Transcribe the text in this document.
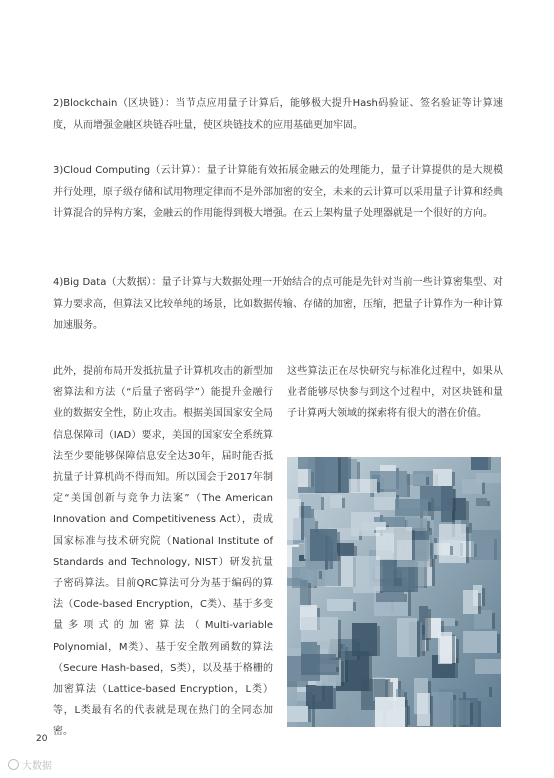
2)Blockchain（区块链）：当节点应用量子计算后，能够极大提升Hash码验证、签名验证等计算速度，从而增强金融区块链吞吐量，使区块链技术的应用基础更加牢固。

3)Cloud Computing（云计算）：量子计算能有效拓展金融云的处理能力，量子计算提供的是大规模并行处理，原子级存储和试用物理定律而不是外部加密的安全，未来的云计算可以采用量子计算和经典计算混合的异构方案，金融云的作用能得到极大增强。在云上架构量子处理器就是一个很好的方向。

4)Big Data（大数据）：量子计算与大数据处理一开始结合的点可能是先针对当前一些计算密集型、对算力要求高，但算法又比较单纯的场景，比如数据传输、存储的加密，压缩，把量子计算作为一种计算加速服务。

此外，提前布局开发抵抗量子计算机攻击的新型加密算法和方法（“后量子密码学”）能提升金融行业的数据安全性，防止攻击。根据美国国家安全局信息保障司（IAD）要求，美国的国家安全系统算法至少要能够保障信息安全达30年，届时能否抵抗量子计算机尚不得而知。所以国会于2017年制定“美国创新与竞争力法案”（The American Innovation and Competitiveness Act），责成国家标准与技术研究院（National Institute of Standards and Technology, NIST）研发抗量子密码算法。目前QRC算法可分为基于编码的算法（Code-based Encryption，C类）、基于多变量多项式的加密算法（Multi-variable Polynomial，M类）、基于安全散列函数的算法（Secure Hash-based，S类），以及基于格栅的加密算法（Lattice-based Encryption，L类）等，L类最有名的代表就是现在热门的全同态加密。

这些算法正在尽快研究与标准化过程中，如果从业者能够尽快参与到这个过程中，对区块链和量子计算两大领域的探索将有很大的潜在价值。

20
大数据
